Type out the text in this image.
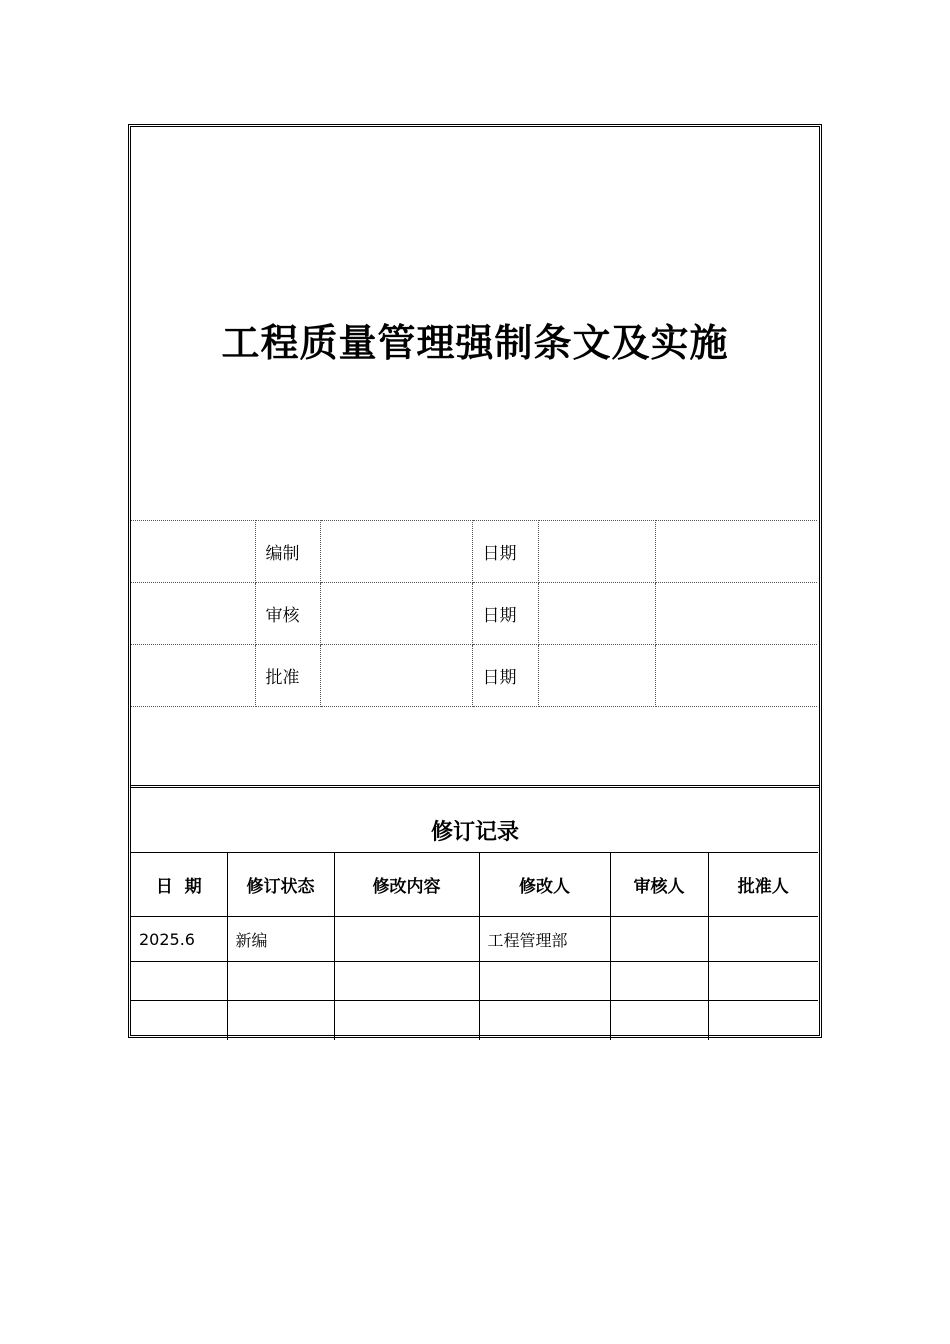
工程质量管理强制条文及实施
	编制		日期		
	审核		日期		
	批准		日期		
修订记录
日  期	修订状态	修改内容	修改人	审核人	批准人
2025.6	新编		工程管理部		
